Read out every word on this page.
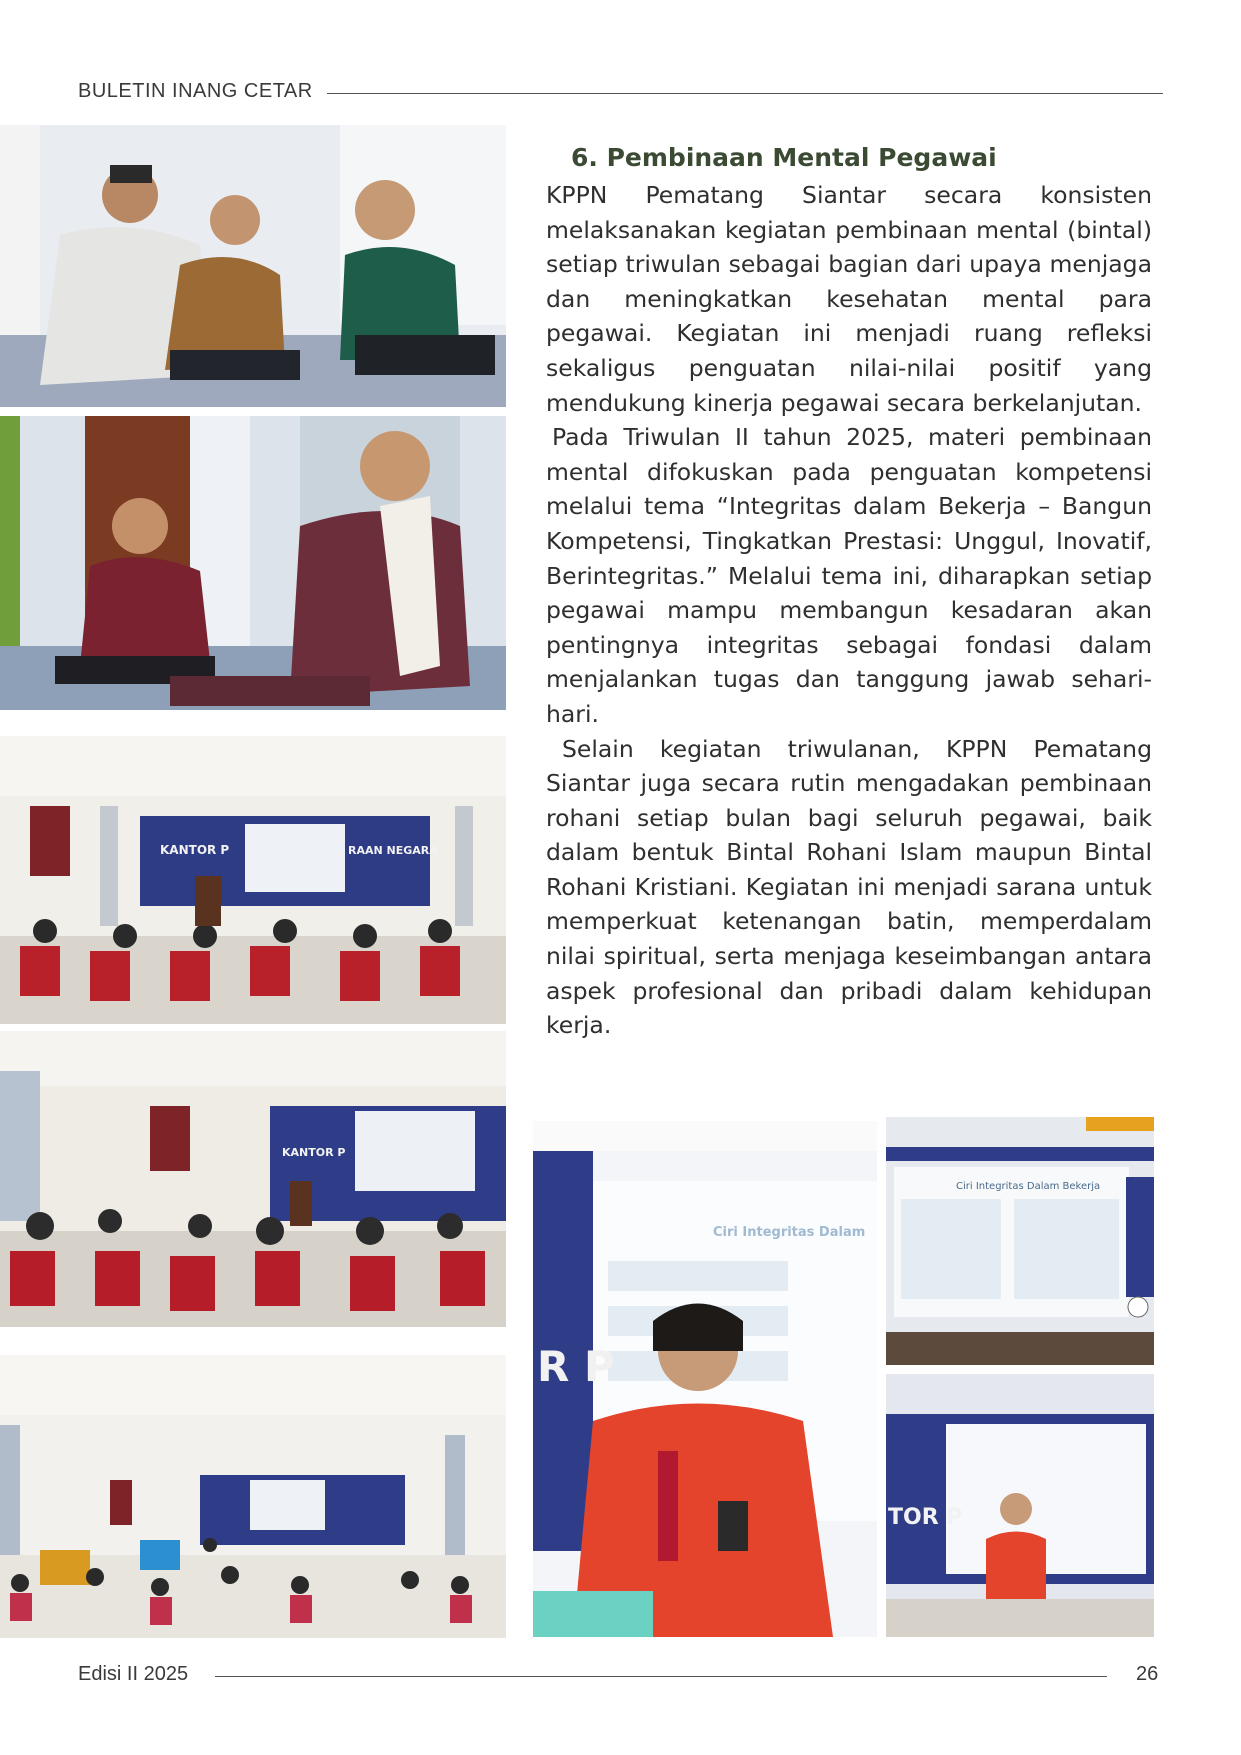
BULETIN INANG CETAR
KANTOR P	RAAN NEGARA
KANTOR P
6. Pembinaan Mental Pegawai

KPPN Pematang Siantar secara konsisten melaksanakan kegiatan pembinaan mental (bintal) setiap triwulan sebagai bagian dari upaya menjaga dan meningkatkan kesehatan mental para pegawai. Kegiatan ini menjadi ruang refleksi sekaligus penguatan nilai-nilai positif yang mendukung kinerja pegawai secara berkelanjutan.

Pada Triwulan II tahun 2025, materi pembinaan mental difokuskan pada penguatan kompetensi melalui tema “Integritas dalam Bekerja – Bangun Kompetensi, Tingkatkan Prestasi: Unggul, Inovatif, Berintegritas.” Melalui tema ini, diharapkan setiap pegawai mampu membangun kesadaran akan pentingnya integritas sebagai fondasi dalam menjalankan tugas dan tanggung jawab sehari-hari.

Selain kegiatan triwulanan, KPPN Pematang Siantar juga secara rutin mengadakan pembinaan rohani setiap bulan bagi seluruh pegawai, baik dalam bentuk Bintal Rohani Islam maupun Bintal Rohani Kristiani. Kegiatan ini menjadi sarana untuk memperkuat ketenangan batin, memperdalam nilai spiritual, serta menjaga keseimbangan antara aspek profesional dan pribadi dalam kehidupan kerja.

Ciri Integritas Dalam
R P
Ciri Integritas Dalam Bekerja
TOR P
Edisi II 2025	26
